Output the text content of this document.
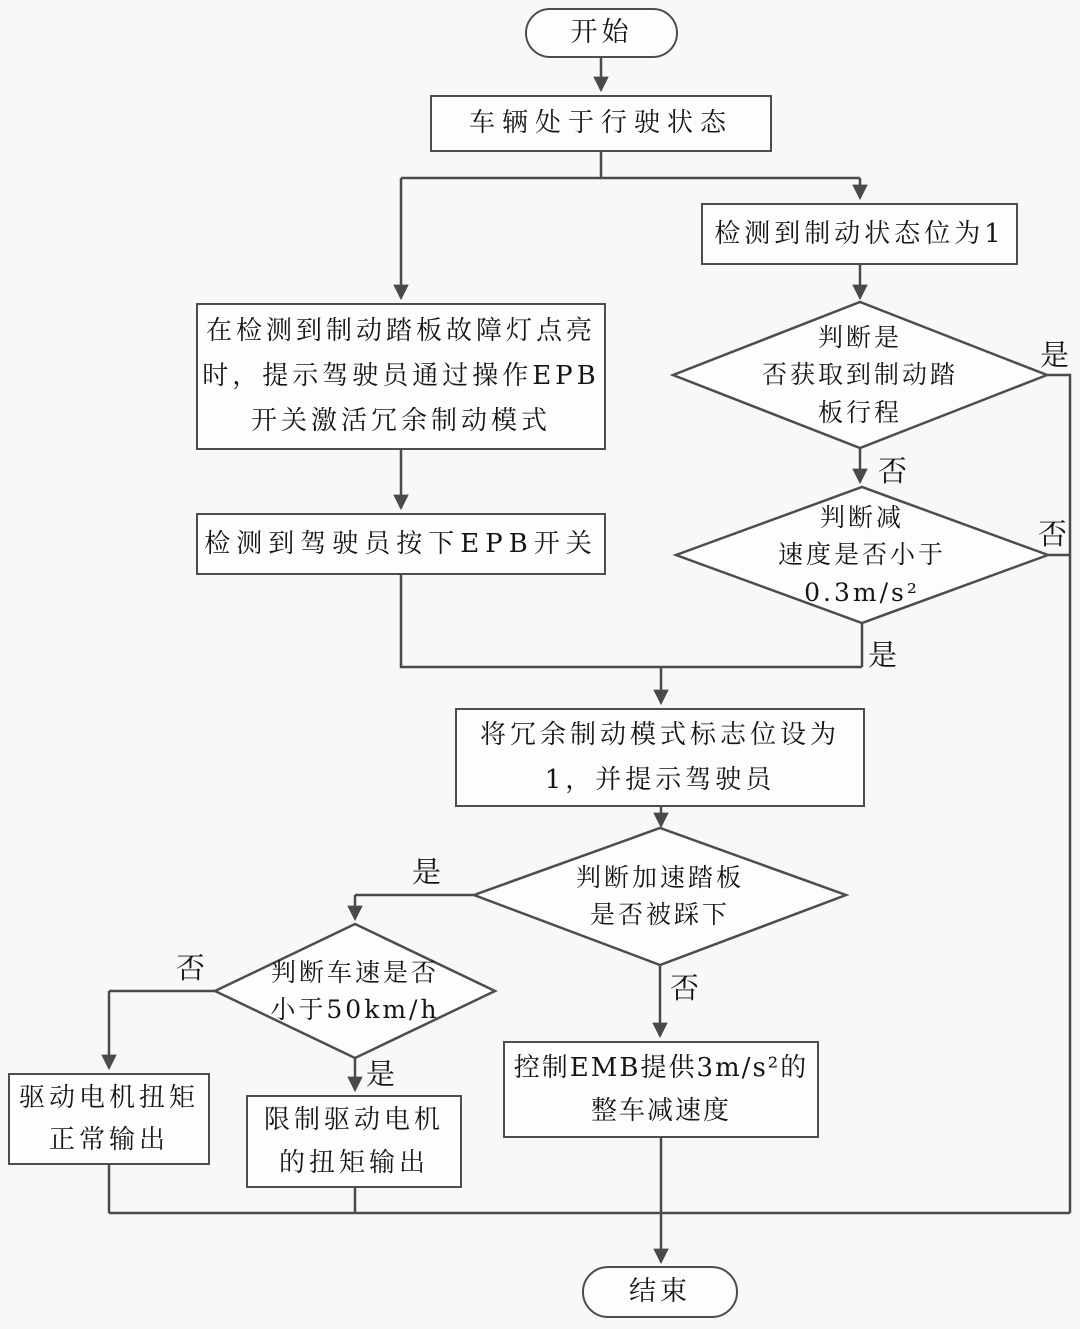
开始
车辆处于行驶状态
检测到制动状态位为1
在检测到制动踏板故障灯点亮
时，提示驾驶员通过操作EPB
开关激活冗余制动模式
检测到驾驶员按下EPB开关
将冗余制动模式标志位设为
1，并提示驾驶员
驱动电机扭矩
正常输出
限制驱动电机
的扭矩输出
控制EMB提供3m/s²的
整车减速度
结束
判断是
否获取到制动踏
板行程
判断减
速度是否小于
0.3m/s²
判断加速踏板
是否被踩下
判断车速是否
小于50km/h
是
否
否
是
是
否
否
是
